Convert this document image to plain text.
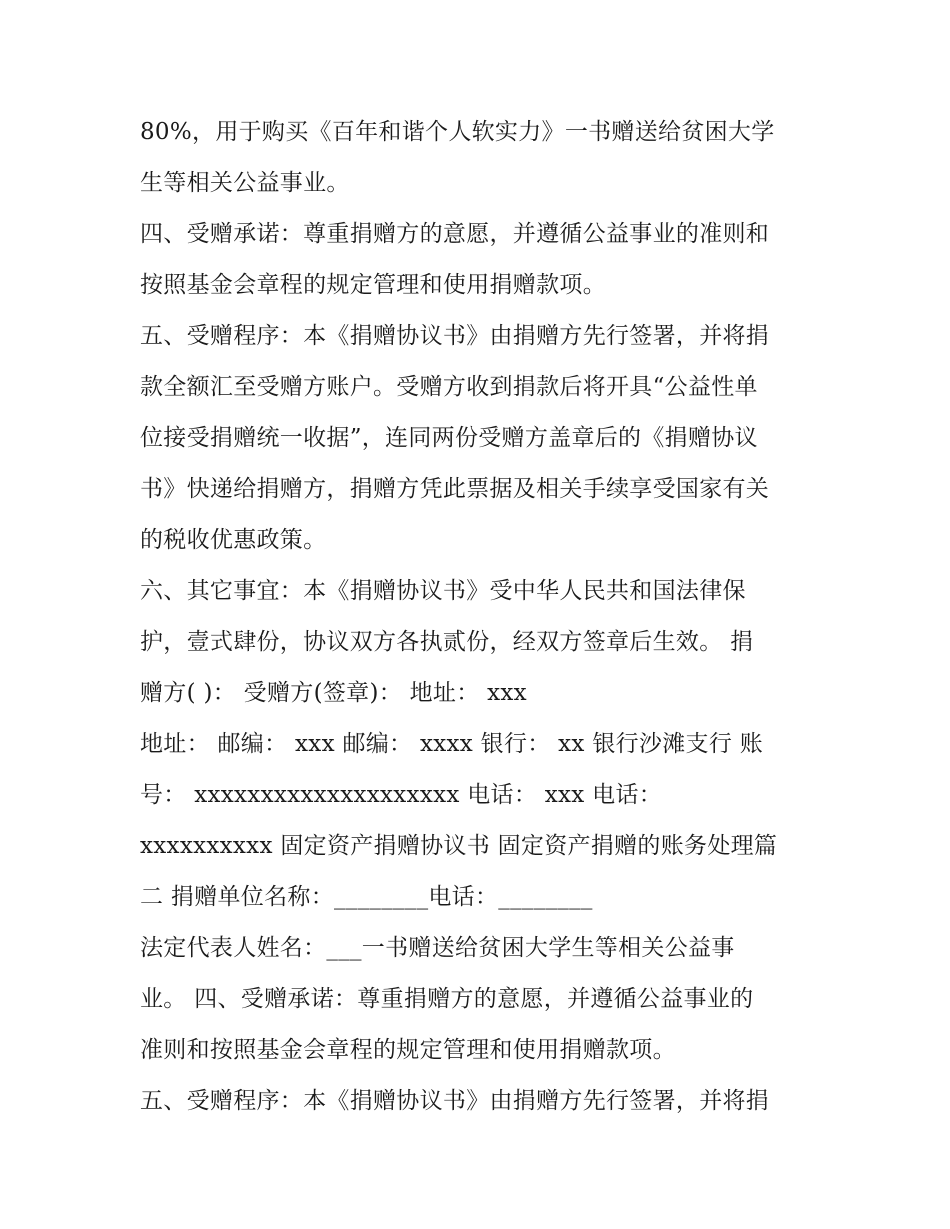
80%，用于购买《百年和谐个人软实力》一书赠送给贫困大学
生等相关公益事业。
四、受赠承诺：尊重捐赠方的意愿，并遵循公益事业的准则和
按照基金会章程的规定管理和使用捐赠款项。
五、受赠程序：本《捐赠协议书》由捐赠方先行签署，并将捐
款全额汇至受赠方账户。受赠方收到捐款后将开具“公益性单
位接受捐赠统一收据”，连同两份受赠方盖章后的《捐赠协议
书》快递给捐赠方，捐赠方凭此票据及相关手续享受国家有关
的税收优惠政策。
六、其它事宜：本《捐赠协议书》受中华人民共和国法律保
护，壹式肆份，协议双方各执贰份，经双方签章后生效。 捐
赠方( )： 受赠方(签章)： 地址： xxx
地址： 邮编： xxx 邮编： xxxx 银行： xx 银行沙滩支行 账
号： xxxxxxxxxxxxxxxxxxxx 电话： xxx 电话：
xxxxxxxxxx 固定资产捐赠协议书 固定资产捐赠的账务处理篇
二 捐赠单位名称：________电话：________
法定代表人姓名：___一书赠送给贫困大学生等相关公益事
业。 四、受赠承诺：尊重捐赠方的意愿，并遵循公益事业的
准则和按照基金会章程的规定管理和使用捐赠款项。
五、受赠程序：本《捐赠协议书》由捐赠方先行签署，并将捐
